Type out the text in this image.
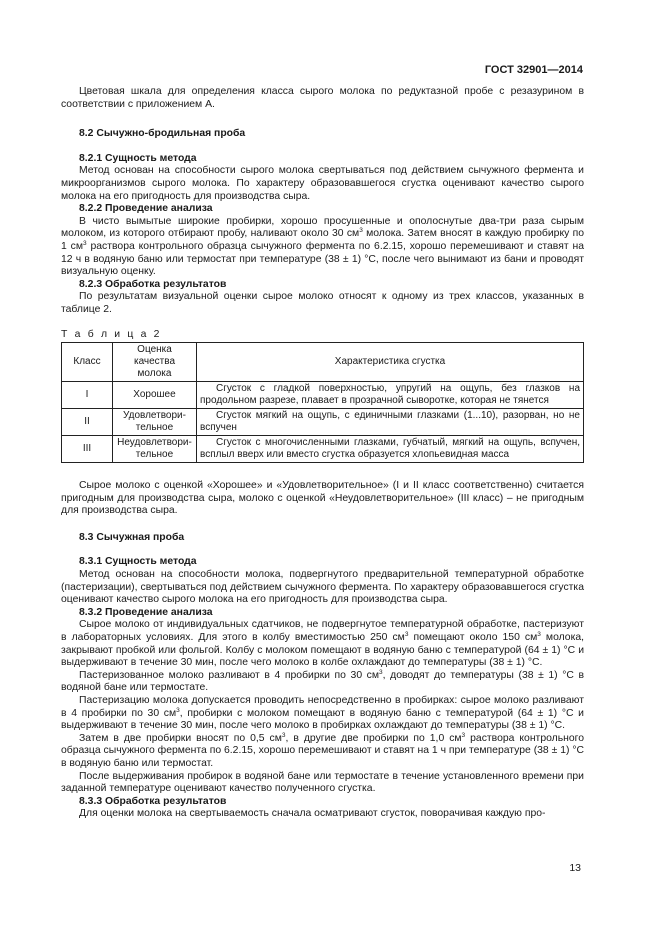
ГОСТ 32901—2014

Цветовая шкала для определения класса сырого молока по редуктазной пробе с резазурином в соответствии с приложением А.

8.2 Сычужно-бродильная проба
8.2.1 Сущность метода

Метод основан на способности сырого молока свертываться под действием сычужного фермента и микроорганизмов сырого молока. По характеру образовавшегося сгустка оценивают качество сырого молока на его пригодность для производства сыра.

8.2.2 Проведение анализа

В чисто вымытые широкие пробирки, хорошо просушенные и ополоснутые два-три раза сырым молоком, из которого отбирают пробу, наливают около 30 $см^3$ молока. Затем вносят в каждую пробирку по 1 $см^3$ раствора контрольного образца сычужного фермента по 6.2.15, хорошо перемешивают и ставят на 12 ч в водяную баню или термостат при температуре (38 ± 1) °С, после чего вынимают из бани и проводят визуальную оценку.

8.2.3 Обработка результатов

По результатам визуальной оценки сырое молоко относят к одному из трех классов, указанных в таблице 2.

Т а б л и ц а 2
Класс	Оценка качества молока	Характеристика сгустка
I	Хорошее	Сгусток с гладкой поверхностью, упругий на ощупь, без глазков на продольном разрезе, плавает в прозрачной сыворотке, которая не тянется
II	Удовлетвори-тельное	Сгусток мягкий на ощупь, с единичными глазками (1...10), разорван, но не вспучен
III	Неудовлетвори-тельное	Сгусток с многочисленными глазками, губчатый, мягкий на ощупь, вспучен, всплыл вверх или вместо сгустка образуется хлопьевидная масса

Сырое молоко с оценкой «Хорошее» и «Удовлетворительное» (I и II класс соответственно) считается пригодным для производства сыра, молоко с оценкой «Неудовлетворительное» (III класс) – не пригодным для производства сыра.

8.3 Сычужная проба
8.3.1 Сущность метода

Метод основан на способности молока, подвергнутого предварительной температурной обработке (пастеризации), свертываться под действием сычужного фермента. По характеру образовавшегося сгустка оценивают качество сырого молока на его пригодность для производства сыра.

8.3.2 Проведение анализа

Сырое молоко от индивидуальных сдатчиков, не подвергнутое температурной обработке, пастеризуют в лабораторных условиях. Для этого в колбу вместимостью 250 $см^3$ помещают около 150 $см^3$ молока, закрывают пробкой или фольгой. Колбу с молоком помещают в водяную баню с температурой (64 ± 1) °С и выдерживают в течение 30 мин, после чего молоко в колбе охлаждают до температуры (38 ± 1) °С.

Пастеризованное молоко разливают в 4 пробирки по 30 $см^3$, доводят до температуры (38 ± 1) °С в водяной бане или термостате.

Пастеризацию молока допускается проводить непосредственно в пробирках: сырое молоко разливают в 4 пробирки по 30 $см^3$, пробирки с молоком помещают в водяную баню с температурой (64 ± 1) °С и выдерживают в течение 30 мин, после чего молоко в пробирках охлаждают до температуры (38 ± 1) °С.

Затем в две пробирки вносят по 0,5 $см^3$, в другие две пробирки по 1,0 $см^3$ раствора контрольного образца сычужного фермента по 6.2.15, хорошо перемешивают и ставят на 1 ч при температуре (38 ± 1) °С в водяную баню или термостат.

После выдерживания пробирок в водяной бане или термостате в течение установленного времени при заданной температуре оценивают качество полученного сгустка.

8.3.3 Обработка результатов

Для оценки молока на свертываемость сначала осматривают сгусток, поворачивая каждую про-

13
